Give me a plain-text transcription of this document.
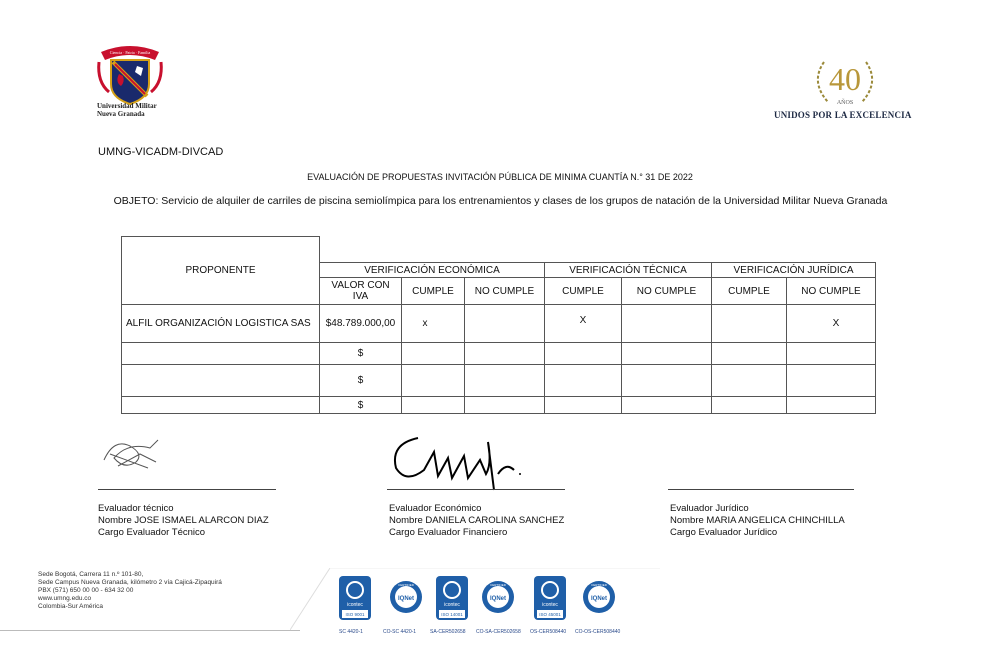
Ciencia · Patria · Familia
Universidad Militar
Nueva Granada
40
AÑOS
UNIDOS POR LA EXCELENCIA
UMNG-VICADM-DIVCAD
EVALUACIÓN DE PROPUESTAS INVITACIÓN PÚBLICA DE MINIMA CUANTÍA N.° 31 DE 2022
OBJETO: Servicio de alquiler de carriles de piscina semiolímpica para los entrenamientos y clases de los grupos de natación de la Universidad Militar Nueva Granada
PROPONENTE							
	VERIFICACIÓN ECONÓMICA			VERIFICACIÓN TÉCNICA		VERIFICACIÓN JURÍDICA	
	VALOR CON IVA	CUMPLE	NO CUMPLE	CUMPLE	NO CUMPLE	CUMPLE	NO CUMPLE
ALFIL ORGANIZACIÓN LOGISTICA SAS	$48.789.000,00	x		X			X
	$						
	$						
	$						
Evaluador técnico
Nombre JOSE ISMAEL ALARCON DIAZ
Cargo Evaluador Técnico
Evaluador Económico
Nombre DANIELA CAROLINA SANCHEZ
Cargo Evaluador Financiero
Evaluador Jurídico
Nombre MARIA ANGELICA CHINCHILLA
Cargo Evaluador Jurídico
Sede Bogotá, Carrera 11 n.º 101-80,
Sede Campus Nueva Granada, kilómetro 2 vía Cajicá-Zipaquirá
PBX (571) 650 00 00 - 634 32 00
www.umng.edu.co
Colombia-Sur América	icontec
ISO 9001
SC 4420-1
CERTIFIED
IQNet
CO-SC 4420-1
icontec
ISO 14001
SA-CER502658
CERTIFIED
IQNet
CO-SA-CER502658
icontec
ISO 45001
OS-CER508440
CERTIFIED
IQNet
CO-OS-CER508440
